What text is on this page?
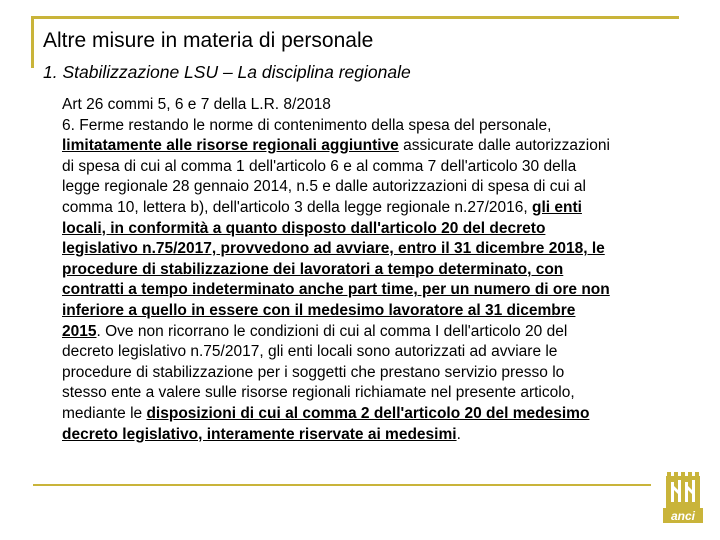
Altre misure in materia di personale
1. Stabilizzazione LSU – La disciplina regionale
Art 26 commi 5, 6 e 7 della L.R. 8/2018
6. Ferme restando le norme di contenimento della spesa del personale, limitatamente alle risorse regionali aggiuntive assicurate dalle autorizzazioni di spesa di cui al comma 1 dell'articolo 6 e al comma 7 dell'articolo 30 della legge regionale 28 gennaio 2014, n.5 e dalle autorizzazioni di spesa di cui al comma 10, lettera b), dell'articolo 3 della legge regionale n.27/2016, gli enti locali, in conformità a quanto disposto dall'articolo 20 del decreto legislativo n.75/2017, provvedono ad avviare, entro il 31 dicembre 2018, le procedure di stabilizzazione dei lavoratori a tempo determinato, con contratti a tempo indeterminato anche part time, per un numero di ore non inferiore a quello in essere con il medesimo lavoratore al 31 dicembre 2015. Ove non ricorrano le condizioni di cui al comma I dell'articolo 20 del decreto legislativo n.75/2017, gli enti locali sono autorizzati ad avviare le procedure di stabilizzazione per i soggetti che prestano servizio presso lo stesso ente a valere sulle risorse regionali richiamate nel presente articolo, mediante le disposizioni di cui al comma 2 dell'articolo 20 del medesimo decreto legislativo, interamente riservate ai medesimi.
anci
